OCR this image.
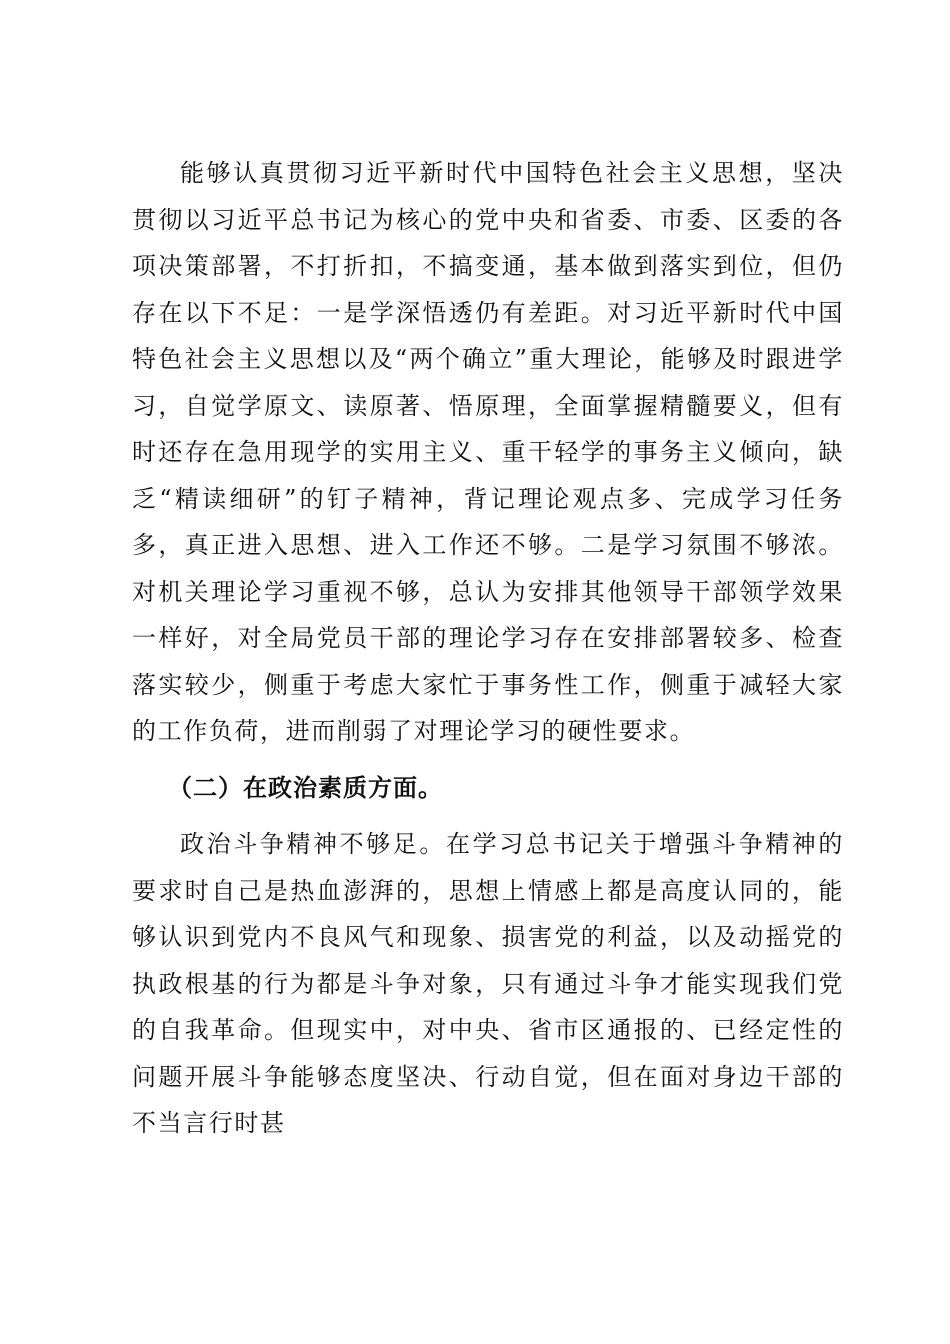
能够认真贯彻习近平新时代中国特色社会主义思想，坚决贯彻以习近平总书记为核心的党中央和省委、市委、区委的各项决策部署，不打折扣，不搞变通，基本做到落实到位，但仍存在以下不足：一是学深悟透仍有差距。对习近平新时代中国特色社会主义思想以及“两个确立”重大理论，能够及时跟进学习，自觉学原文、读原著、悟原理，全面掌握精髓要义，但有时还存在急用现学的实用主义、重干轻学的事务主义倾向，缺乏“精读细研”的钉子精神，背记理论观点多、完成学习任务多，真正进入思想、进入工作还不够。二是学习氛围不够浓。对机关理论学习重视不够，总认为安排其他领导干部领学效果一样好，对全局党员干部的理论学习存在安排部署较多、检查落实较少，侧重于考虑大家忙于事务性工作，侧重于减轻大家的工作负荷，进而削弱了对理论学习的硬性要求。

（二）在政治素质方面。

政治斗争精神不够足。在学习总书记关于增强斗争精神的要求时自己是热血澎湃的，思想上情感上都是高度认同的，能够认识到党内不良风气和现象、损害党的利益，以及动摇党的执政根基的行为都是斗争对象，只有通过斗争才能实现我们党的自我革命。但现实中，对中央、省市区通报的、已经定性的问题开展斗争能够态度坚决、行动自觉，但在面对身边干部的不当言行时甚
